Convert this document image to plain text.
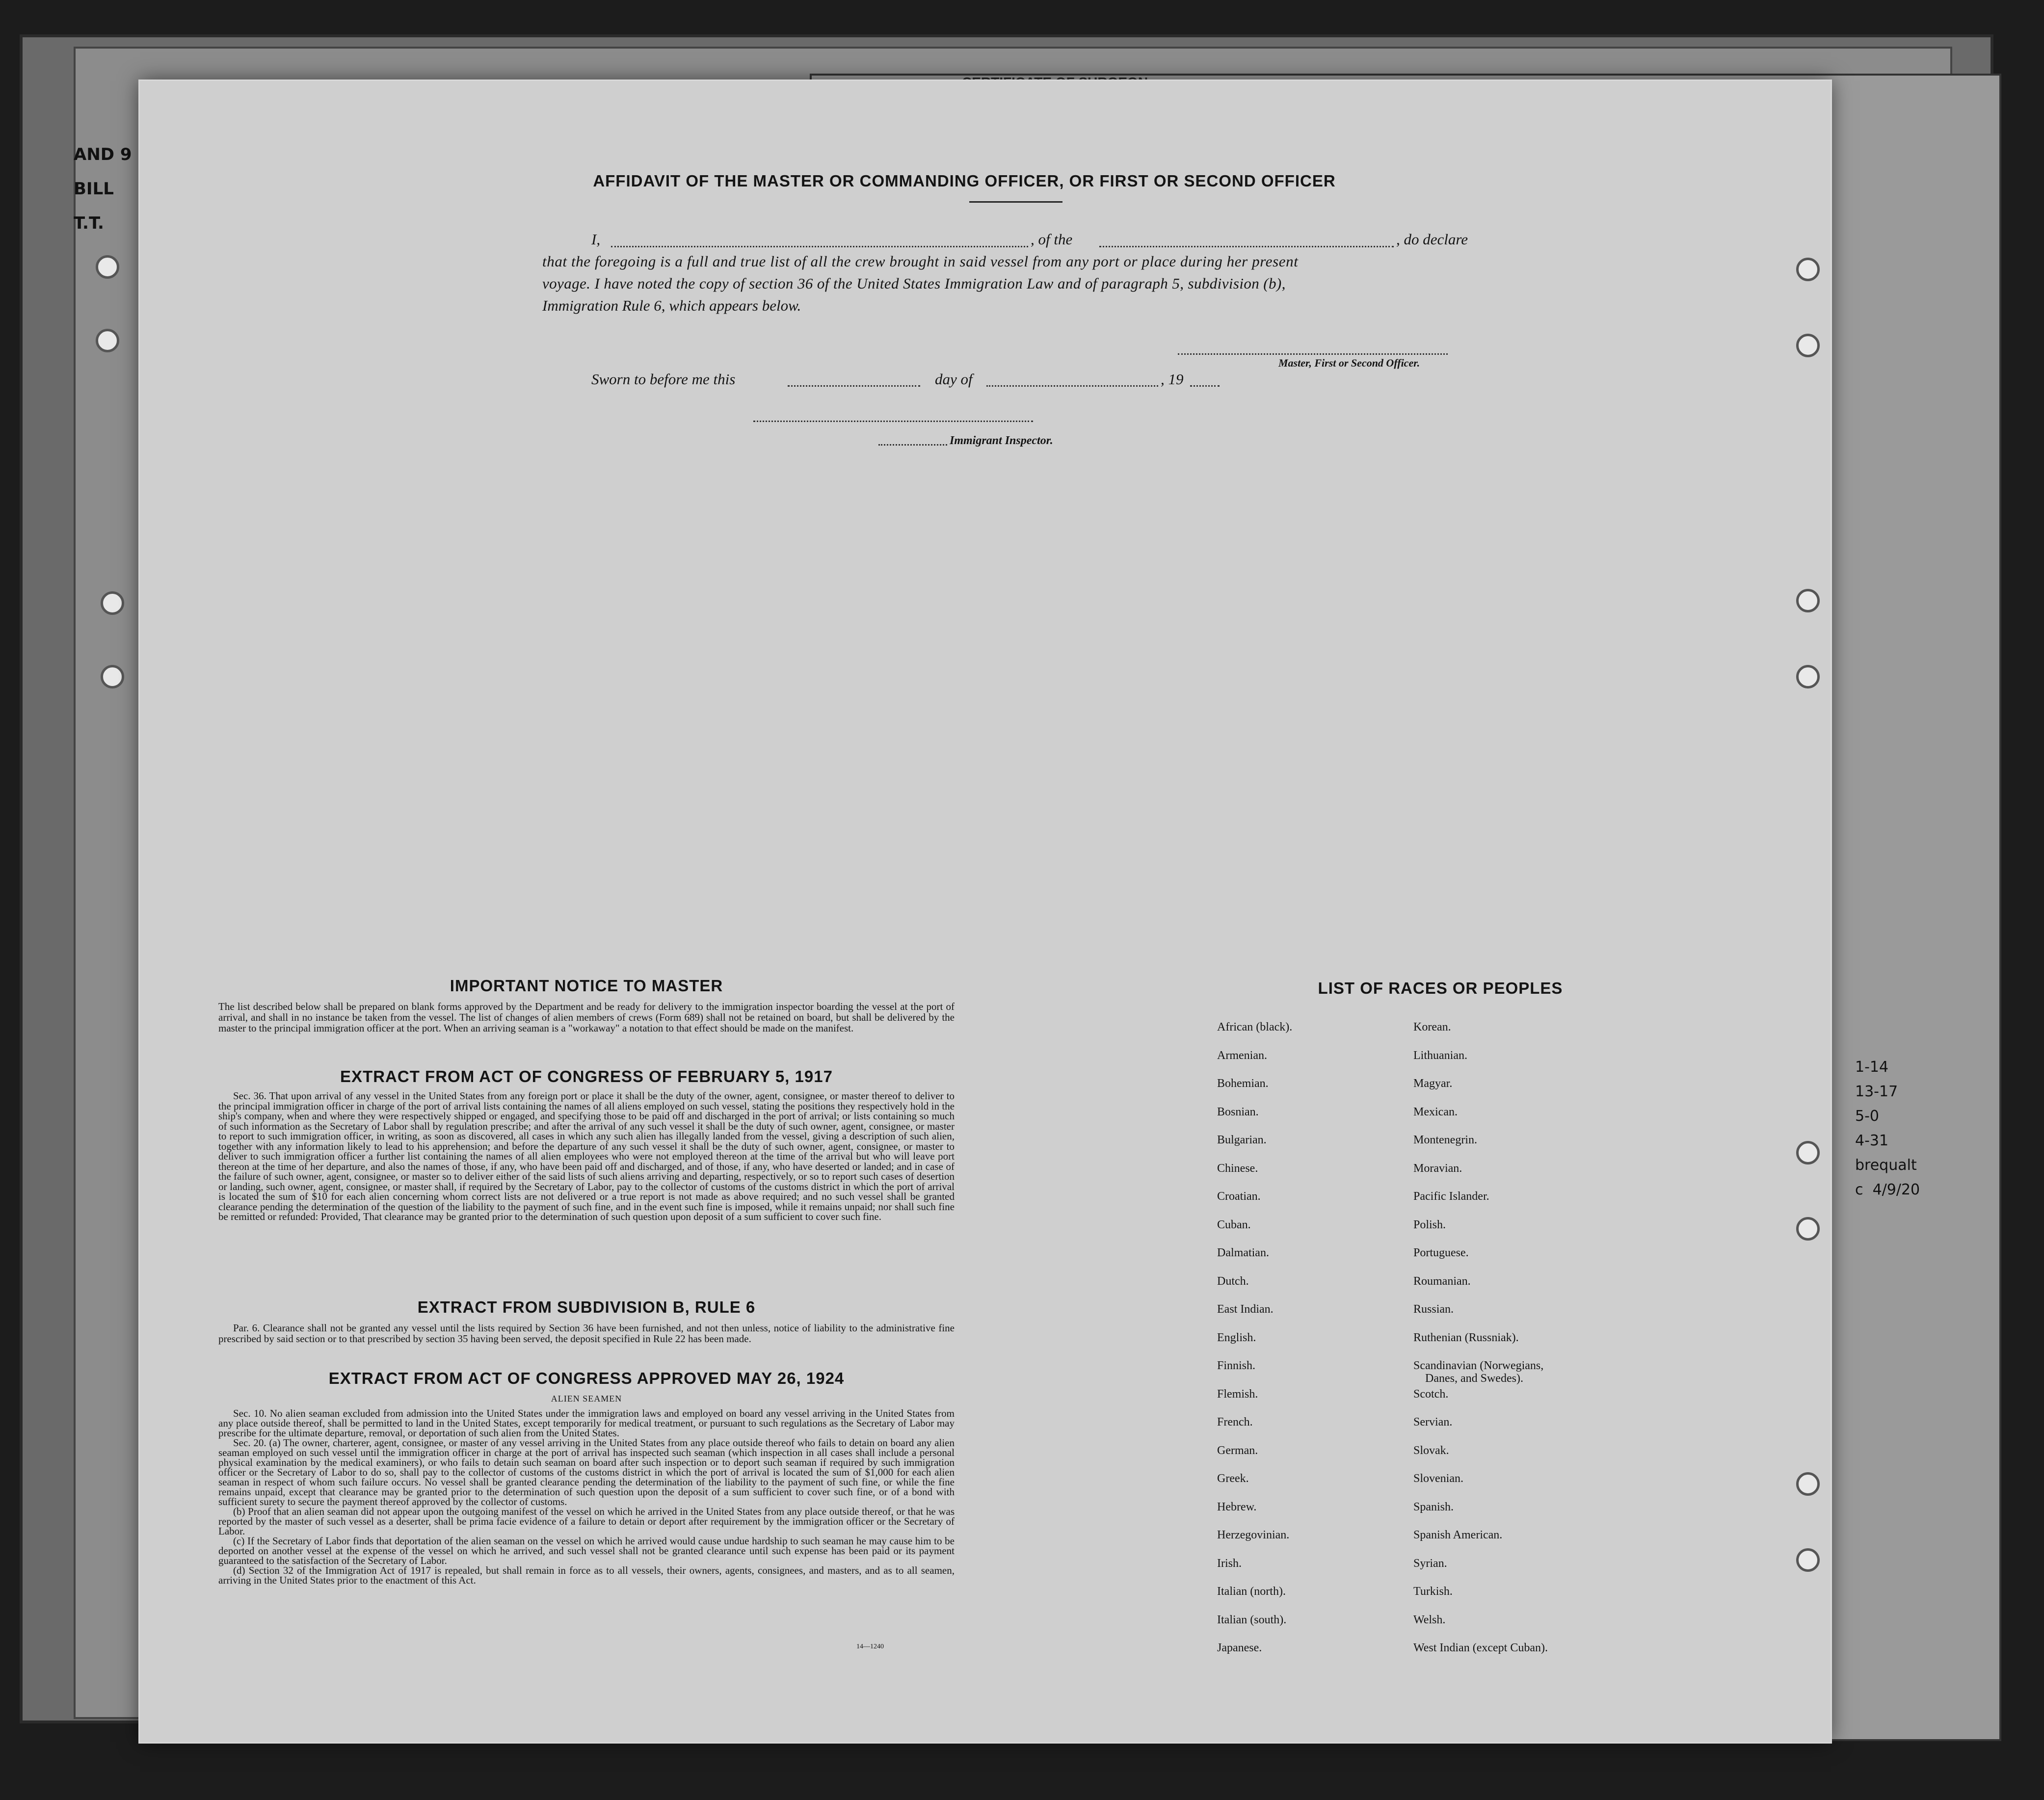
AND 9
BILL
T.T.
1-14
13-17
5-0
4-31
brequalt
c  4/9/20
AFFIDAVIT OF THE MASTER OR COMMANDING OFFICER, OR FIRST OR SECOND OFFICER
I,	, of the	, do declare
that the foregoing is a full and true list of all the crew brought in said vessel from any port or place during her present
voyage. I have noted the copy of section 36 of the United States Immigration Law and of paragraph 5, subdivision (b),
Immigration Rule 6, which appears below.
Master, First or Second Officer.
Sworn to before me this	day of	, 19
Immigrant Inspector.
IMPORTANT NOTICE TO MASTER
The list described below shall be prepared on blank forms approved by the Department and be ready for delivery to the immigration inspector boarding the vessel at the port of arrival, and shall in no instance be taken from the vessel. The list of changes of alien members of crews (Form 689) shall not be retained on board, but shall be delivered by the master to the principal immigration officer at the port. When an arriving seaman is a "workaway" a notation to that effect should be made on the manifest.
EXTRACT FROM ACT OF CONGRESS OF FEBRUARY 5, 1917
Sec. 36. That upon arrival of any vessel in the United States from any foreign port or place it shall be the duty of the owner, agent, consignee, or master thereof to deliver to the principal immigration officer in charge of the port of arrival lists containing the names of all aliens employed on such vessel, stating the positions they respectively hold in the ship's company, when and where they were respectively shipped or engaged, and specifying those to be paid off and discharged in the port of arrival; or lists containing so much of such information as the Secretary of Labor shall by regulation prescribe; and after the arrival of any such vessel it shall be the duty of such owner, agent, consignee, or master to report to such immigration officer, in writing, as soon as discovered, all cases in which any such alien has illegally landed from the vessel, giving a description of such alien, together with any information likely to lead to his apprehension; and before the departure of any such vessel it shall be the duty of such owner, agent, consignee, or master to deliver to such immigration officer a further list containing the names of all alien employees who were not employed thereon at the time of the arrival but who will leave port thereon at the time of her departure, and also the names of those, if any, who have been paid off and discharged, and of those, if any, who have deserted or landed; and in case of the failure of such owner, agent, consignee, or master so to deliver either of the said lists of such aliens arriving and departing, respectively, or so to report such cases of desertion or landing, such owner, agent, consignee, or master shall, if required by the Secretary of Labor, pay to the collector of customs of the customs district in which the port of arrival is located the sum of $10 for each alien concerning whom correct lists are not delivered or a true report is not made as above required; and no such vessel shall be granted clearance pending the determination of the question of the liability to the payment of such fine, and in the event such fine is imposed, while it remains unpaid; nor shall such fine be remitted or refunded: Provided, That clearance may be granted prior to the determination of such question upon deposit of a sum sufficient to cover such fine.
EXTRACT FROM SUBDIVISION B, RULE 6
Par. 6. Clearance shall not be granted any vessel until the lists required by Section 36 have been furnished, and not then unless, notice of liability to the administrative fine prescribed by said section or to that prescribed by section 35 having been served, the deposit specified in Rule 22 has been made.
EXTRACT FROM ACT OF CONGRESS APPROVED MAY 26, 1924
ALIEN SEAMEN
Sec. 10. No alien seaman excluded from admission into the United States under the immigration laws and employed on board any vessel arriving in the United States from any place outside thereof, shall be permitted to land in the United States, except temporarily for medical treatment, or pursuant to such regulations as the Secretary of Labor may prescribe for the ultimate departure, removal, or deportation of such alien from the United States.
Sec. 20. (a) The owner, charterer, agent, consignee, or master of any vessel arriving in the United States from any place outside thereof who fails to detain on board any alien seaman employed on such vessel until the immigration officer in charge at the port of arrival has inspected such seaman (which inspection in all cases shall include a personal physical examination by the medical examiners), or who fails to detain such seaman on board after such inspection or to deport such seaman if required by such immigration officer or the Secretary of Labor to do so, shall pay to the collector of customs of the customs district in which the port of arrival is located the sum of $1,000 for each alien seaman in respect of whom such failure occurs. No vessel shall be granted clearance pending the determination of the liability to the payment of such fine, or while the fine remains unpaid, except that clearance may be granted prior to the determination of such question upon the deposit of a sum sufficient to cover such fine, or of a bond with sufficient surety to secure the payment thereof approved by the collector of customs.
(b) Proof that an alien seaman did not appear upon the outgoing manifest of the vessel on which he arrived in the United States from any place outside thereof, or that he was reported by the master of such vessel as a deserter, shall be prima facie evidence of a failure to detain or deport after requirement by the immigration officer or the Secretary of Labor.
(c) If the Secretary of Labor finds that deportation of the alien seaman on the vessel on which he arrived would cause undue hardship to such seaman he may cause him to be deported on another vessel at the expense of the vessel on which he arrived, and such vessel shall not be granted clearance until such expense has been paid or its payment guaranteed to the satisfaction of the Secretary of Labor.
(d) Section 32 of the Immigration Act of 1917 is repealed, but shall remain in force as to all vessels, their owners, agents, consignees, and masters, and as to all seamen, arriving in the United States prior to the enactment of this Act.
14—1240
LIST OF RACES OR PEOPLES
African (black).
Armenian.
Bohemian.
Bosnian.
Bulgarian.
Chinese.
Croatian.
Cuban.
Dalmatian.
Dutch.
East Indian.
English.
Finnish.
Flemish.
French.
German.
Greek.
Hebrew.
Herzegovinian.
Irish.
Italian (north).
Italian (south).
Japanese.
Korean.
Lithuanian.
Magyar.
Mexican.
Montenegrin.
Moravian.
Pacific Islander.
Polish.
Portuguese.
Roumanian.
Russian.
Ruthenian (Russniak).
Scandinavian (Norwegians,
Danes, and Swedes).
Scotch.
Servian.
Slovak.
Slovenian.
Spanish.
Spanish American.
Syrian.
Turkish.
Welsh.
West Indian (except Cuban).
